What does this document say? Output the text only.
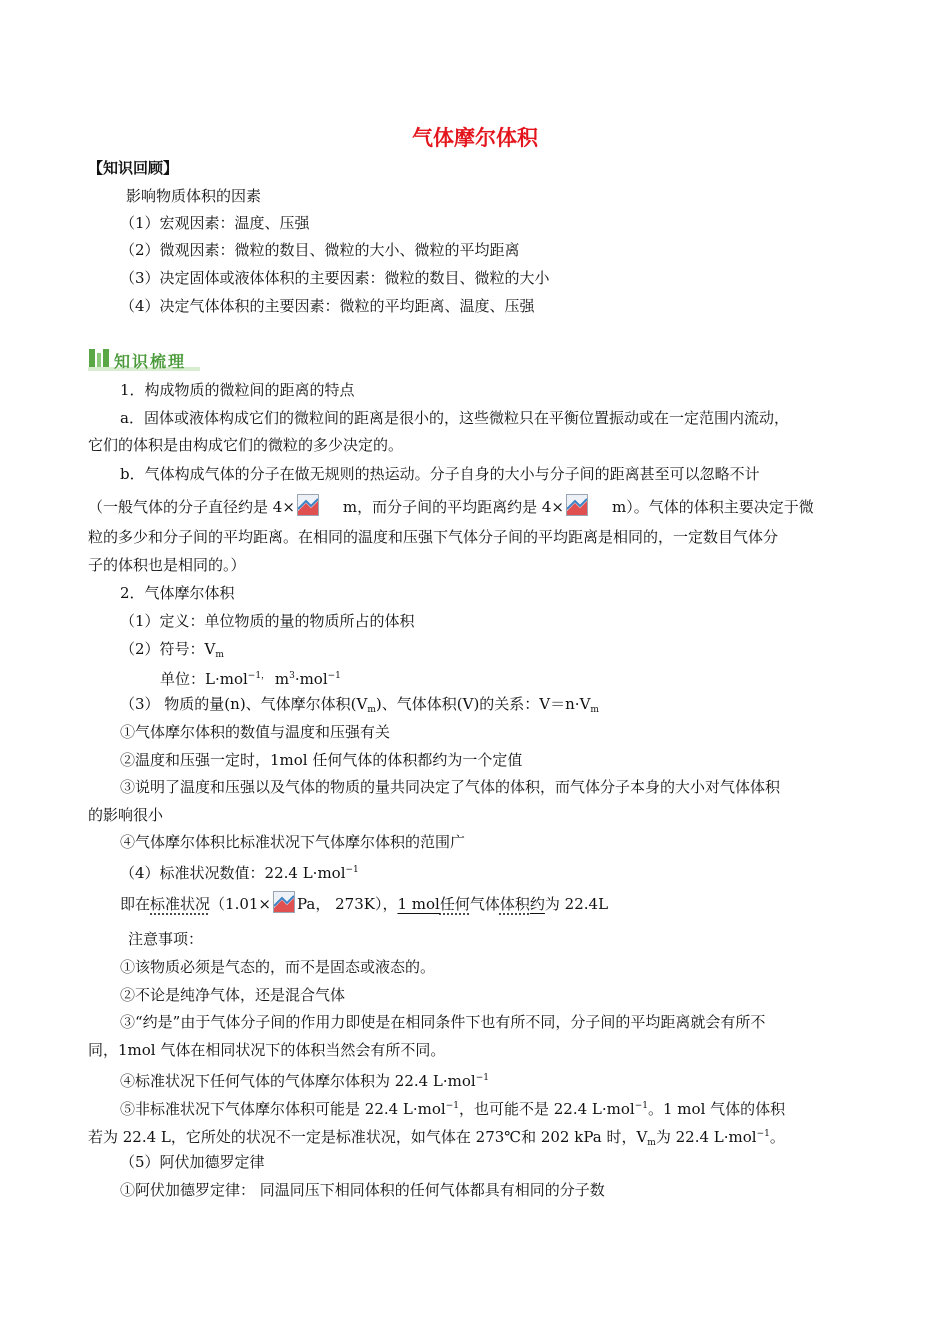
气体摩尔体积
【知识回顾】
影响物质体积的因素
（1）宏观因素：温度、压强
（2）微观因素：微粒的数目、微粒的大小、微粒的平均距离
（3）决定固体或液体体积的主要因素：微粒的数目、微粒的大小
（4）决定气体体积的主要因素：微粒的平均距离、温度、压强
知识梳理
1．构成物质的微粒间的距离的特点
a．固体或液体构成它们的微粒间的距离是很小的，这些微粒只在平衡位置振动或在一定范围内流动，
它们的体积是由构成它们的微粒的多少决定的。
b．气体构成气体的分子在做无规则的热运动。分子自身的大小与分子间的距离甚至可以忽略不计
（一般气体的分子直径约是 4×	m，而分子间的平均距离约是 4×	m）。气体的体积主要决定于微
粒的多少和分子间的平均距离。在相同的温度和压强下气体分子间的平均距离是相同的，一定数目气体分
子的体积也是相同的。）
2．气体摩尔体积
（1）定义：单位物质的量的物质所占的体积
（2）符号：$V_m$
单位：L·mol$^{-1,}$ $m^3\cdot mol^{-1}$
（3） 物质的量(n)、气体摩尔体积$(V_m)$、气体体积(V)的关系：$V=n\cdot V_m$
①气体摩尔体积的数值与温度和压强有关
②温度和压强一定时，1mol 任何气体的体积都约为一个定值
③说明了温度和压强以及气体的物质的量共同决定了气体的体积，而气体分子本身的大小对气体体积
的影响很小
④气体摩尔体积比标准状况下气体摩尔体积的范围广
（4）标准状况数值：22.4 L·mol$^{-1}$
即在标准状况（1.01× Pa， 273K），1 mol任何气体体积约为 22.4L
注意事项：
①该物质必须是气态的，而不是固态或液态的。
②不论是纯净气体，还是混合气体
③“约是”由于气体分子间的作用力即使是在相同条件下也有所不同，分子间的平均距离就会有所不
同，1mol 气体在相同状况下的体积当然会有所不同。
④标准状况下任何气体的气体摩尔体积为 22.4 L·mol$^{-1}$
⑤非标准状况下气体摩尔体积可能是 22.4 L·mol$^{-1}$，也可能不是 22.4 L·mol$^{-1}$。1 mol 气体的体积
若为 22.4 L，它所处的状况不一定是标准状况，如气体在 273℃和 202 kPa 时，$V_m$为 22.4 L·mol$^{-1}$。
（5）阿伏加德罗定律
①阿伏加德罗定律： 同温同压下相同体积的任何气体都具有相同的分子数
